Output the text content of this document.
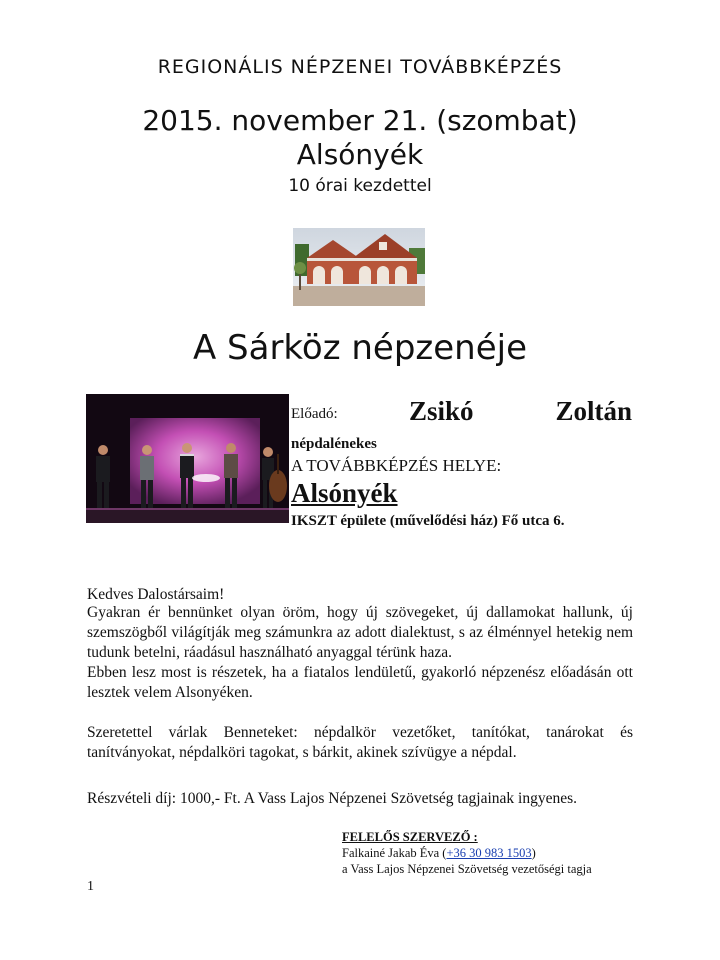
REGIONÁLIS NÉPZENEI TOVÁBBKÉPZÉS
2015. november 21. (szombat)
Alsónyék
10 órai kezdettel
A Sárköz népzenéje
Előadó:	Zsikó	Zoltán
népdalénekes
A TOVÁBBKÉPZÉS HELYE:
Alsónyék
IKSZT épülete (művelődési ház) Fő utca 6.
Kedves Dalostársaim!
Gyakran ér bennünket olyan öröm, hogy új szövegeket, új dallamokat hallunk, új szemszögből világítják meg számunkra az adott dialektust, s az élménnyel hetekig nem tudunk betelni, ráadásul használható anyaggal térünk haza.
Ebben lesz most is részetek, ha a fiatalos lendületű, gyakorló népzenész előadásán ott lesztek velem Alsonyéken.
Szeretettel várlak Benneteket: népdalkör vezetőket, tanítókat, tanárokat és tanítványokat, népdalköri tagokat, s bárkit, akinek szívügye a népdal.
Részvételi díj: 1000,- Ft. A Vass Lajos Népzenei Szövetség tagjainak ingyenes.
FELELŐS SZERVEZŐ :
Falkainé Jakab Éva (+36 30 983 1503)
a Vass Lajos Népzenei Szövetség vezetőségi tagja
1
